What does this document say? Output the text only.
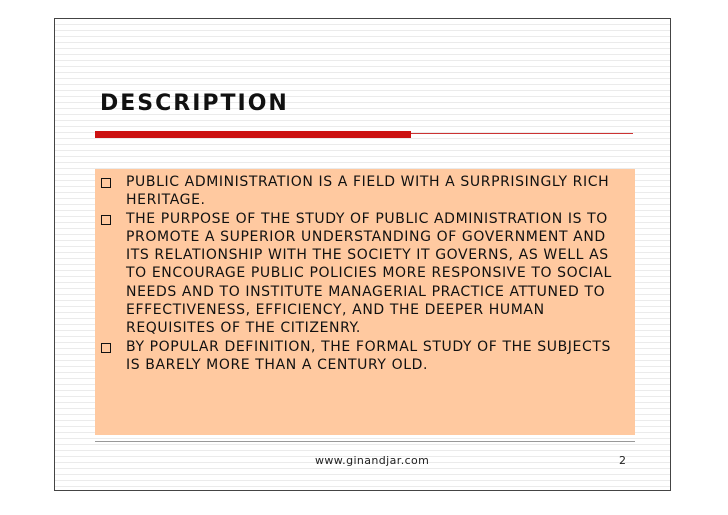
DESCRIPTION
PUBLIC ADMINISTRATION IS A FIELD WITH A SURPRISINGLY RICH HERITAGE.
THE PURPOSE OF THE STUDY OF PUBLIC ADMINISTRATION IS TO PROMOTE A SUPERIOR UNDERSTANDING OF GOVERNMENT AND ITS RELATIONSHIP WITH THE SOCIETY IT GOVERNS, AS WELL AS TO ENCOURAGE PUBLIC POLICIES MORE RESPONSIVE TO SOCIAL NEEDS AND TO INSTITUTE MANAGERIAL PRACTICE ATTUNED TO EFFECTIVENESS, EFFICIENCY, AND THE DEEPER HUMAN REQUISITES OF THE CITIZENRY.
BY POPULAR DEFINITION, THE FORMAL STUDY OF THE SUBJECTS IS BARELY MORE THAN A CENTURY OLD.
www.ginandjar.com	2
